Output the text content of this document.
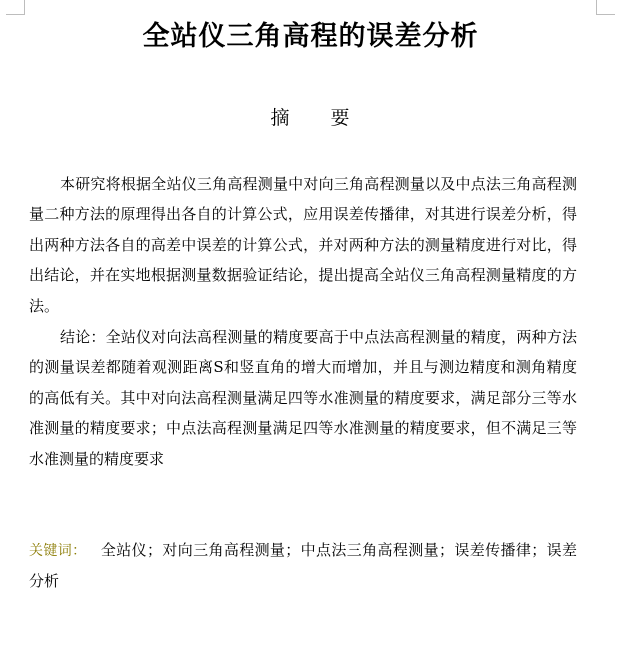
全站仪三角高程的误差分析
摘　　要

本研究将根据全站仪三角高程测量中对向三角高程测量以及中点法三角高程测量二种方法的原理得出各自的计算公式，应用误差传播律，对其进行误差分析，得出两种方法各自的高差中误差的计算公式，并对两种方法的测量精度进行对比，得出结论，并在实地根据测量数据验证结论，提出提高全站仪三角高程测量精度的方法。

结论：全站仪对向法高程测量的精度要高于中点法高程测量的精度，两种方法的测量误差都随着观测距离S和竖直角的增大而增加，并且与测边精度和测角精度的高低有关。其中对向法高程测量满足四等水准测量的精度要求，满足部分三等水准测量的精度要求；中点法高程测量满足四等水准测量的精度要求，但不满足三等水准测量的精度要求

关键词： 全站仪；对向三角高程测量；中点法三角高程测量；误差传播律；误差分析
